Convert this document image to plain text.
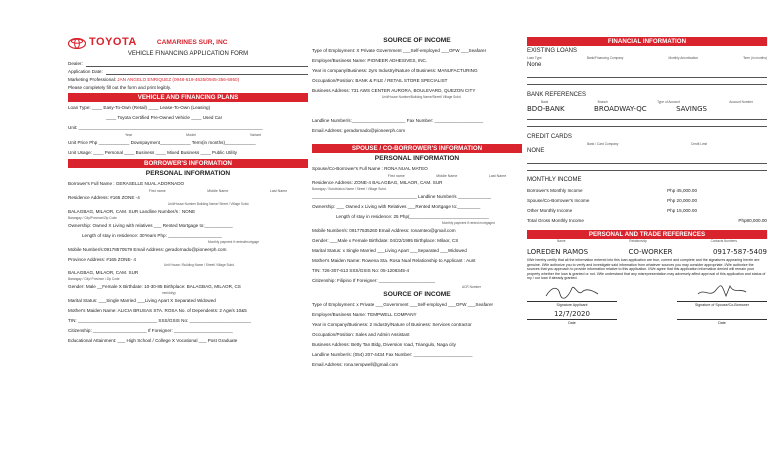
TOYOTA	CAMARINES SUR, INC
VEHICLE FINANCING APPLICATION FORM
Dealer:
Application Date:
Marketing Professional:
JAN ANGELO ENRIQUEZ (0948-619-4635/0945-356-6950)
Please completely fill out the form and print legibly.
VEHICLE AND FINANCING PLANS
Loan Type: ____ Easy-To-Own (Retail) ____ Lease-To-Own (Leasing)
____ Toyota Certified Pre-Owned Vehicle ____ Used Car
Unit: ________________________________________________________________________
Year	Model	Variant
Unit Price Php ____________ Downpayment____________ Term(in months)____________
Unit Usage: ____ Personal ____ Business ____ Mixed Business ____ Public Utility
BORROWER'S INFORMATION
PERSONAL INFORMATION
Borrower's Full Name : GERASELLE NUAL ADORNADO
First name	Middle Name	Last Name
Residence Address: #165 ZONE -4
Unit/House Number Building Name/ Street / Village Subd.
BALAGBAG, MILAOR, CAM. SUR Landline Number/s : NONE
Barangay / City/Province/Zip Code
Ownership: Owned X Living with relatives ___ Rented Mortgage to:___________
Length of stay in residence: 30Years Php: _____________________
Monthly payment if rented/mortgage
Mobile Number/s:09178570579 Email Address: geradornado@pioneerph.com
Province Address: #165 ZONE- 4
Unit House / Building Name / Street/ Village Subd.
BALAGBAG, MILAOR, CAM. SUR
Barangay / City/ Province / Zip Code
Gender: Male __Female X Birthdate: 10-30-85 Birthplace: BALAGBAG, MILAOR, CS
mm/dd/yy
Marital Status: ___Single Married ___Living Apart X Separated Widowed
Mother's Maiden Name: ALICIA BRUSAS STA. ROSA No. of Dependents: 2 Age/s 10&5
TIN: _______________________________ SSS/GSIS No: ________________________
Citizenship: _____________________ If Foreigner: _______________________
Educational Attainment: ___ High School / College X Vocational ___ Post Graduate
SOURCE OF INCOME
Type of Employment: X Private Government ___Self-employed ___OFW ___Seafarer
Employer/Business Name: PIONEER ADHESIVES, INC.
Year in company/Business: 2yrs Industry/Nature of Business: MANUFACTURING
Occupation/Position: BANK & FILE / RETAIL STORE SPECIALIST
Business Address: 731 AWS CENTER AURORA, BOULEVARD, QUEZON CITY
Unit/House Number/Building Name/Street/ Village Subd
Landline Number/s:_____________________ Fax Number: ___________________
Email Address: geradornado@pioneerph.com
SPOUSE / CO-BORROWER'S INFORMATION
PERSONAL INFORMATION
Spouse/Co-Borrower's Full Name : RONA NUAL MATEO
First name	Middle Name	Last Name
Residence Address: ZONE-4 BALAGBAG, MILAOR, CAM. SUR
Barangay / Subdivision Name / Street / Village Subd.
_________________________________________ Landline Number/s _____________
Ownership: ___ Owned x Living with Relatives ___Rented Mortgage to:_________
Length of stay in residence: 25 Php(_______________________________
Monthly payment if rented mortgaged
Mobile Number/s: 09177535260 Email Address: ronamteo@gmail.com
Gender: ___Male x Female Birthdate: 04/22/1995 Birthplace: Milaor, CS
Marital Status: x Single Married ___Living Apart ___Separated ___Widowed
Mother's Maiden Name: Rowena Sta. Rosa Nual Relationship to Applicant : Aunt
TIN: 726-307-613 SSS/GSIS No: 05-1206345-4
Citizenship: Filipino If Foreigner: ______________________
ACR Number
SOURCE OF INCOME
Type of Employment: x Private ___Government ___Self-employed ___OFW ___Seafarer
Employer/Business Name: TEMPWELL COMPANY
Year in Company/Business: 2 Industry/Nature of Business: Services contractor
Occupation/Position: Sales and Admin Assistant
Business Address: Betty Tan Bldg, Diversion road, Triangulo, Naga city
Landline Number/s: (054) 207-4434 Fax Number: _______________________
Email Address: rona.tempwell@gmail.com
FINANCIAL INFORMATION
EXISTING LOANS
Loan Type	Bank/Financing Company	Monthly Amortization	Term (in months)
None
BANK REFERENCES
Bank	Branch	Type of Account	Account Number
BDO-BANK	BROADWAY-QC	SAVINGS
CREDIT CARDS
Bank / Card Company	Credit Limit
NONE
MONTHLY INCOME
Borrower's Monthly Income	Php 45,000.00
Spouse/Co-Borrower's Income	Php 20,000.00
Other Monthly Income	Php 15,000.00
Total Gross Monthly Income	Php80,000.00
PERSONAL AND TRADE REFERENCES
Name	Relationship	Contacts Numbers
LOREDEN RAMOS	CO-WORKER	0917-587-5409
I/We hereby certify that all the information entered into this loan application are true, correct and complete and the signatures appearing herein are genuine. I/We authorize you to verify and investigate said information from whatever sources you may consider appropriate. I/We authorize the sources that you approach to provide information relative to this application. I/We agree that this application information denied will remain your property whether the loan is granted or not. I/We understand that any misrepresentation may adversely affect approval of this application and status of my / our loan if already granted.
Signature Applicant	Signature of Spouse/Co-Borrower
12/7/2020
Date	Date
